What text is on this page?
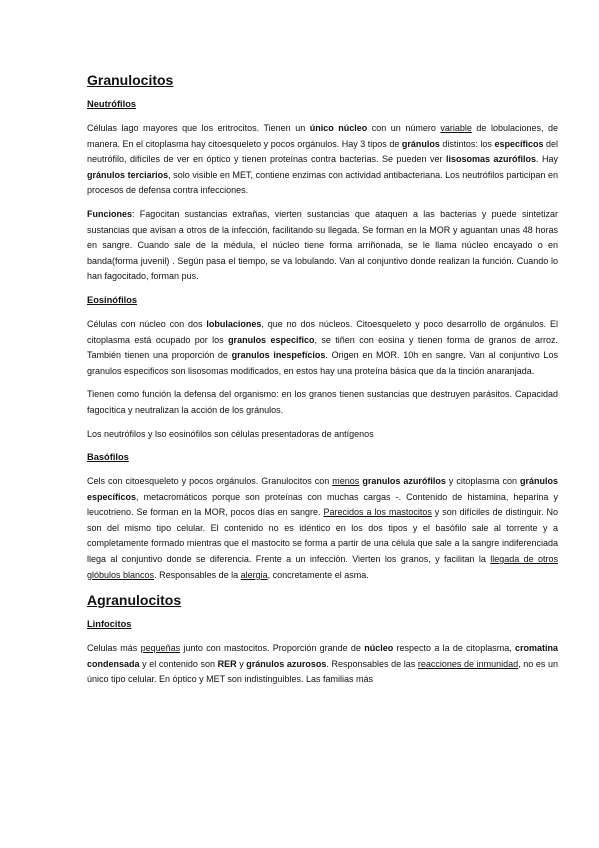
Granulocitos
Neutrófilos

Células lago mayores que los eritrocitos. Tienen un único núcleo con un número variable de lobulaciones, de manera. En el citoplasma hay citoesqueleto y pocos orgánulos. Hay 3 tipos de gránulos distintos: los específicos del neutrófilo, difíciles de ver en óptico y tienen proteínas contra bacterias. Se pueden ver lisosomas azurófilos. Hay gránulos terciarios, solo visible en MET, contiene enzimas con actividad antibacteriana. Los neutrófilos participan en procesos de defensa contra infecciones.

Funciones: Fagocitan sustancias extrañas, vierten sustancias que ataquen a las bacterias y puede sintetizar sustancias que avisan a otros de la infección, facilitando su llegada. Se forman en la MOR y aguantan unas 48 horas en sangre. Cuando sale de la médula, el núcleo tiene forma arriñonada, se le llama núcleo encayado o en banda(forma juvenil) . Según pasa el tiempo, se va lobulando. Van al conjuntivo donde realizan la función. Cuando lo han fagocitado, forman pus.

Eosinófilos

Células con núcleo con dos lobulaciones, que no dos núcleos. Citoesqueleto y poco desarrollo de orgánulos. El citoplasma está ocupado por los granulos especifico, se tiñen con eosina y tienen forma de granos de arroz. También tienen una proporción de granulos inespefícios. Origen en MOR. 10h en sangre. Van al conjuntivo Los granulos especificos son lisosomas modificados, en estos hay una proteína básica que da la tinción anaranjada.

Tienen como función la defensa del organismo: en los granos tienen sustancias que destruyen parásitos. Capacidad fagocítica y neutralizan la acción de los gránulos.

Los neutrófilos y lso eosinófilos son células presentadoras de antígenos

Basófilos

Cels con citoesqueleto y pocos orgánulos. Granulocitos con menos granulos azurófilos y citoplasma con gránulos específicos, metacromáticos porque son proteínas con muchas cargas -. Contenido de histamina, heparina y leucotrieno. Se forman en la MOR, pocos días en sangre. Parecidos a los mastocitos y son difíciles de distinguir. No son del mismo tipo celular. El contenido no es idéntico en los dos tipos y el basófilo sale al torrente y a completamente formado mientras que el mastocito se forma a partir de una célula que sale a la sangre indiferenciada llega al conjuntivo donde se diferencia. Frente a un infección. Vierten los granos, y facilitan la llegada de otros glóbulos blancos. Responsables de la alergia, concretamente el asma.

Agranulocitos
Linfocitos

Celulas más pequeñas junto con mastocitos. Proporción grande de núcleo respecto a la de citoplasma, cromatina condensada y el contenido son RER y gránulos azurosos. Responsables de las reacciones de inmunidad, no es un único tipo celular. En óptico y MET son indistinguibles. Las familias más
